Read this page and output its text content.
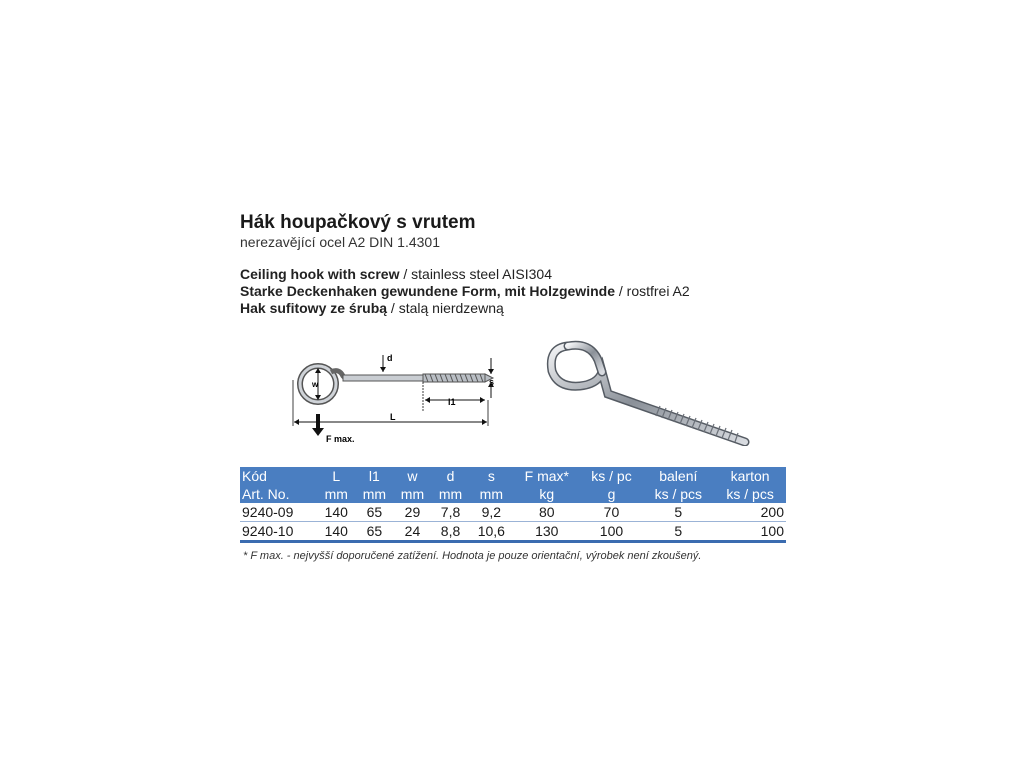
Hák houpačkový s vrutem
nerezavějící ocel A2 DIN 1.4301
Ceiling hook with screw / stainless steel AISI304
Starke Deckenhaken gewundene Form, mit Holzgewinde / rostfrei A2
Hak sufitowy ze śrubą / stalą nierdzewną
w
d
s
l1
L
F max.
Kód	L	l1	w	d	s	F max*	ks / pc	balení	karton
Art. No.	mm	mm	mm	mm	mm	kg	g	ks / pcs	ks / pcs
9240-09	140	65	29	7,8	9,2	80	70	5	200
9240-10	140	65	24	8,8	10,6	130	100	5	100
* F max. - nejvyšší doporučené zatížení. Hodnota je pouze orientační, výrobek není zkoušený.
